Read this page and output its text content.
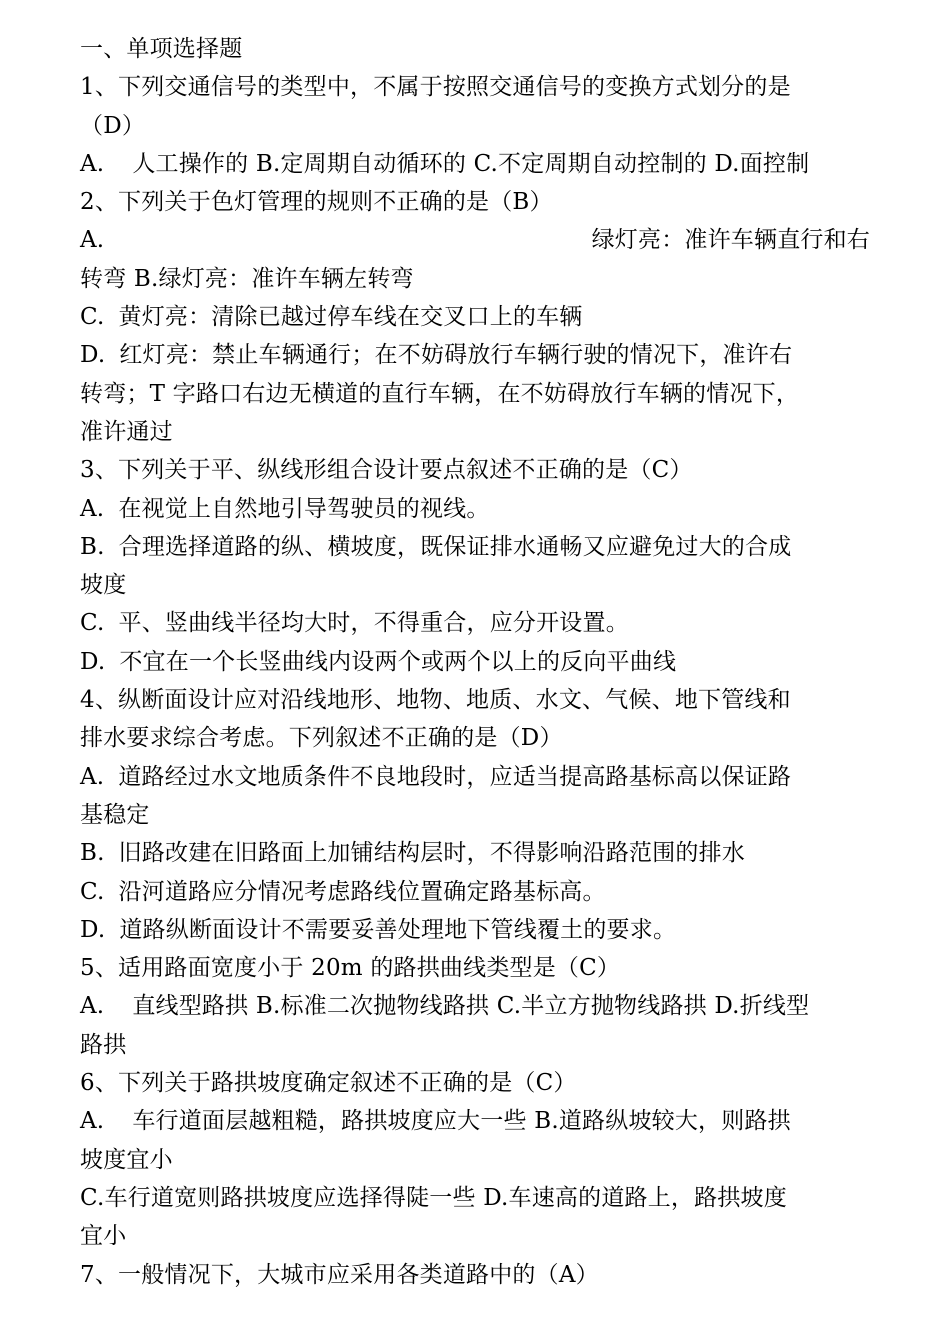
一、单项选择题
1、下列交通信号的类型中，不属于按照交通信号的变换方式划分的是
（D）
A. 人工操作的 B.定周期自动循环的 C.不定周期自动控制的 D.面控制
2、下列关于色灯管理的规则不正确的是（B）
A.	绿灯亮：准许车辆直行和右
转弯 B.绿灯亮：准许车辆左转弯
C. 黄灯亮：清除已越过停车线在交叉口上的车辆
D. 红灯亮：禁止车辆通行；在不妨碍放行车辆行驶的情况下，准许右
转弯；T 字路口右边无横道的直行车辆，在不妨碍放行车辆的情况下，
准许通过
3、下列关于平、纵线形组合设计要点叙述不正确的是（C）
A. 在视觉上自然地引导驾驶员的视线。
B. 合理选择道路的纵、横坡度，既保证排水通畅又应避免过大的合成
坡度
C. 平、竖曲线半径均大时，不得重合，应分开设置。
D. 不宜在一个长竖曲线内设两个或两个以上的反向平曲线
4、纵断面设计应对沿线地形、地物、地质、水文、气候、地下管线和
排水要求综合考虑。下列叙述不正确的是（D）
A. 道路经过水文地质条件不良地段时，应适当提高路基标高以保证路
基稳定
B. 旧路改建在旧路面上加铺结构层时，不得影响沿路范围的排水
C. 沿河道路应分情况考虑路线位置确定路基标高。
D. 道路纵断面设计不需要妥善处理地下管线覆土的要求。
5、适用路面宽度小于 20m 的路拱曲线类型是（C）
A. 直线型路拱 B.标准二次抛物线路拱 C.半立方抛物线路拱 D.折线型
路拱
6、下列关于路拱坡度确定叙述不正确的是（C）
A. 车行道面层越粗糙，路拱坡度应大一些 B.道路纵坡较大，则路拱
坡度宜小
C.车行道宽则路拱坡度应选择得陡一些 D.车速高的道路上，路拱坡度
宜小
7、一般情况下，大城市应采用各类道路中的（A）
